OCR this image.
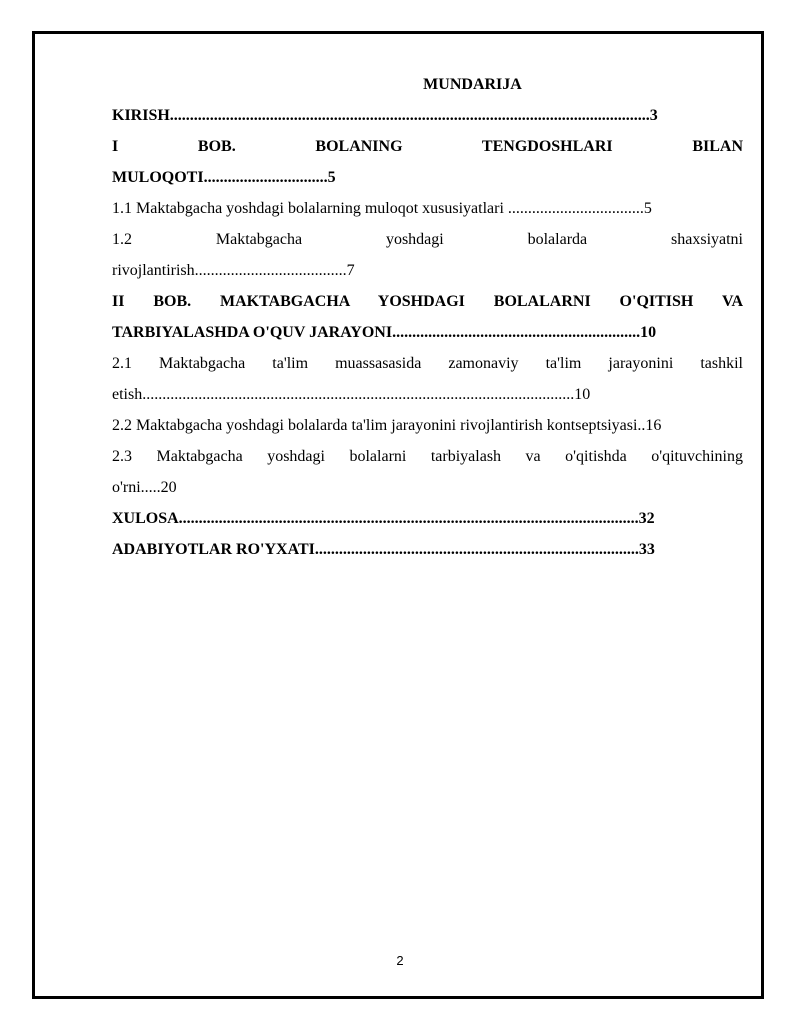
MUNDARIJA

KIRISH........................................................................................................................3

I BOB. BOLANING TENGDOSHLARI BILAN
MULOQOTI...............................5

1.1 Maktabgacha yoshdagi bolalarning muloqot xususiyatlari ..................................5

1.2 Maktabgacha yoshdagi bolalarda shaxsiyatni
rivojlantirish......................................7

II BOB. MAKTABGACHA YOSHDAGI BOLALARNI O'QITISH VA
TARBIYALASHDA O'QUV JARAYONI..............................................................10

2.1 Maktabgacha ta'lim muassasasida zamonaviy ta'lim jarayonini tashkil
etish............................................................................................................10

2.2 Maktabgacha yoshdagi bolalarda ta'lim jarayonini rivojlantirish kontseptsiyasi..16

2.3 Maktabgacha yoshdagi bolalarni tarbiyalash va o'qitishda o'qituvchining
o'rni.....20

XULOSA...................................................................................................................32

ADABIYOTLAR RO'YXATI.................................................................................33

2
